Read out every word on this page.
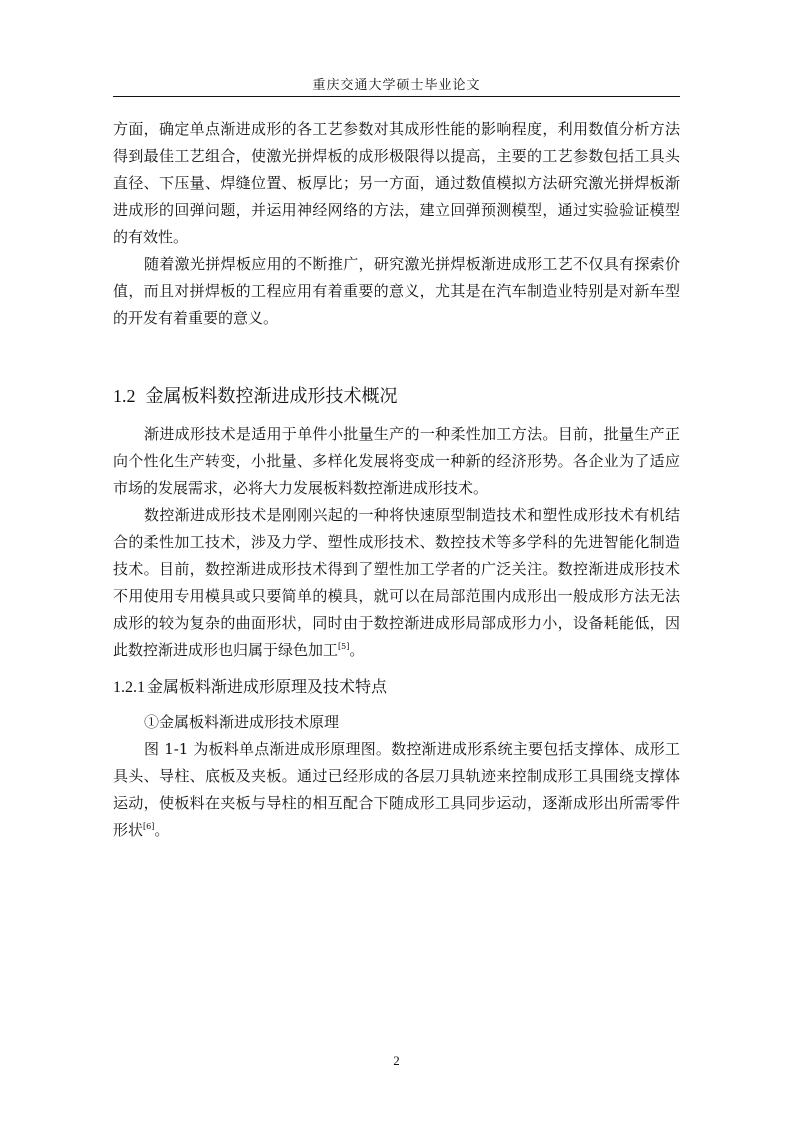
重庆交通大学硕士毕业论文

方面，确定单点渐进成形的各工艺参数对其成形性能的影响程度，利用数值分析方法得到最佳工艺组合，使激光拼焊板的成形极限得以提高，主要的工艺参数包括工具头直径、下压量、焊缝位置、板厚比；另一方面，通过数值模拟方法研究激光拼焊板渐进成形的回弹问题，并运用神经网络的方法，建立回弹预测模型，通过实验验证模型的有效性。

随着激光拼焊板应用的不断推广，研究激光拼焊板渐进成形工艺不仅具有探索价值，而且对拼焊板的工程应用有着重要的意义，尤其是在汽车制造业特别是对新车型的开发有着重要的意义。

1.2 金属板料数控渐进成形技术概况

渐进成形技术是适用于单件小批量生产的一种柔性加工方法。目前，批量生产正向个性化生产转变，小批量、多样化发展将变成一种新的经济形势。各企业为了适应市场的发展需求，必将大力发展板料数控渐进成形技术。

数控渐进成形技术是刚刚兴起的一种将快速原型制造技术和塑性成形技术有机结合的柔性加工技术，涉及力学、塑性成形技术、数控技术等多学科的先进智能化制造技术。目前，数控渐进成形技术得到了塑性加工学者的广泛关注。数控渐进成形技术不用使用专用模具或只要简单的模具，就可以在局部范围内成形出一般成形方法无法成形的较为复杂的曲面形状，同时由于数控渐进成形局部成形力小，设备耗能低，因此数控渐进成形也归属于绿色加工[5]。

1.2.1 金属板料渐进成形原理及技术特点

①金属板料渐进成形技术原理

图 1-1 为板料单点渐进成形原理图。数控渐进成形系统主要包括支撑体、成形工具头、导柱、底板及夹板。通过已经形成的各层刀具轨迹来控制成形工具围绕支撑体运动，使板料在夹板与导柱的相互配合下随成形工具同步运动，逐渐成形出所需零件形状[6]。

2
